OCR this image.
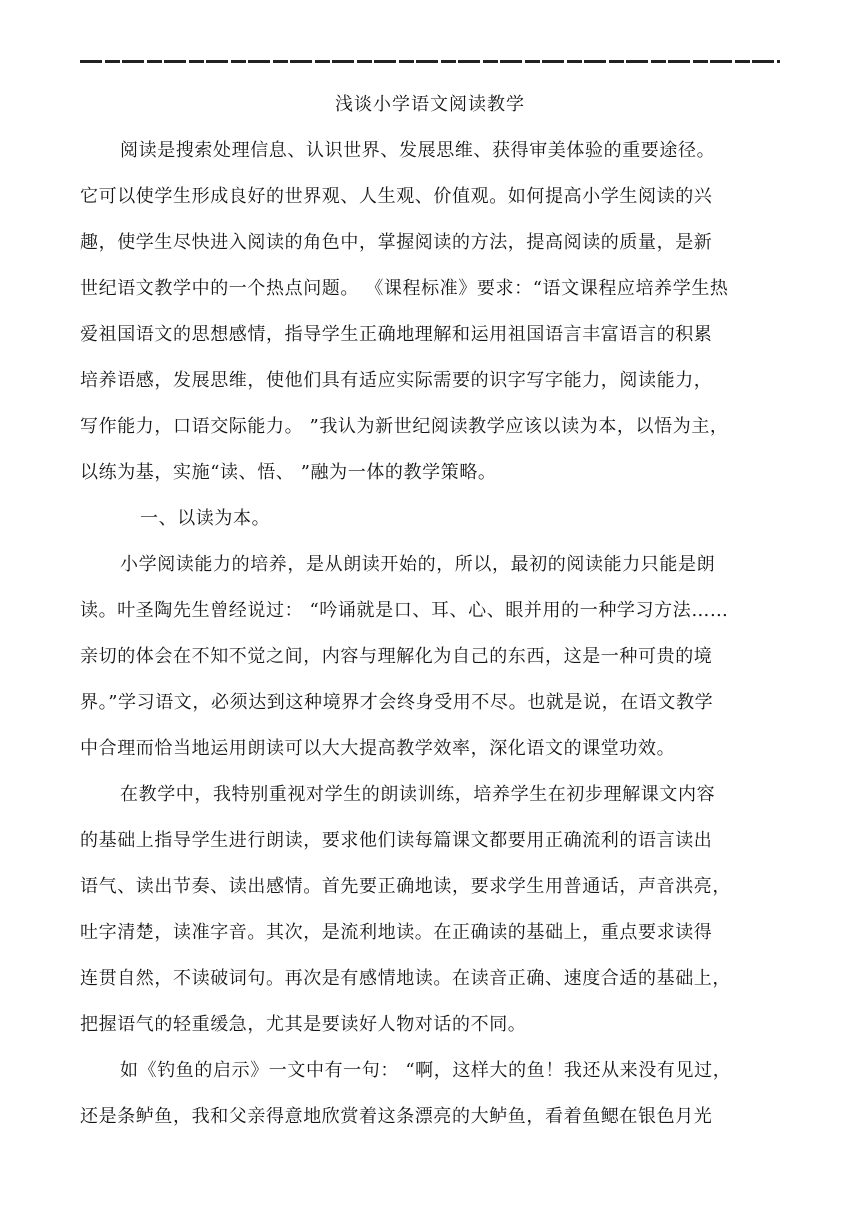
浅谈小学语文阅读教学
阅读是搜索处理信息、认识世界、发展思维、获得审美体验的重要途径。
它可以使学生形成良好的世界观、人生观、价值观。如何提高小学生阅读的兴
趣，使学生尽快进入阅读的角色中，掌握阅读的方法，提高阅读的质量，是新
世纪语文教学中的一个热点问题。 《课程标准》要求：“语文课程应培养学生热
爱祖国语文的思想感情，指导学生正确地理解和运用祖国语言丰富语言的积累
培养语感，发展思维，使他们具有适应实际需要的识字写字能力，阅读能力，
写作能力，口语交际能力。 ”我认为新世纪阅读教学应该以读为本，以悟为主，
以练为基，实施“读、悟、 ”融为一体的教学策略。
一、以读为本。
小学阅读能力的培养，是从朗读开始的，所以，最初的阅读能力只能是朗
读。叶圣陶先生曾经说过： “吟诵就是口、耳、心、眼并用的一种学习方法……
亲切的体会在不知不觉之间，内容与理解化为自己的东西，这是一种可贵的境
界。”学习语文，必须达到这种境界才会终身受用不尽。也就是说，在语文教学
中合理而恰当地运用朗读可以大大提高教学效率，深化语文的课堂功效。
在教学中，我特别重视对学生的朗读训练，培养学生在初步理解课文内容
的基础上指导学生进行朗读，要求他们读每篇课文都要用正确流利的语言读出
语气、读出节奏、读出感情。首先要正确地读，要求学生用普通话，声音洪亮，
吐字清楚，读准字音。其次，是流利地读。在正确读的基础上，重点要求读得
连贯自然，不读破词句。再次是有感情地读。在读音正确、速度合适的基础上，
把握语气的轻重缓急，尤其是要读好人物对话的不同。
如《钓鱼的启示》一文中有一句： “啊，这样大的鱼！我还从来没有见过，
还是条鲈鱼，我和父亲得意地欣赏着这条漂亮的大鲈鱼，看着鱼鳃在银色月光
